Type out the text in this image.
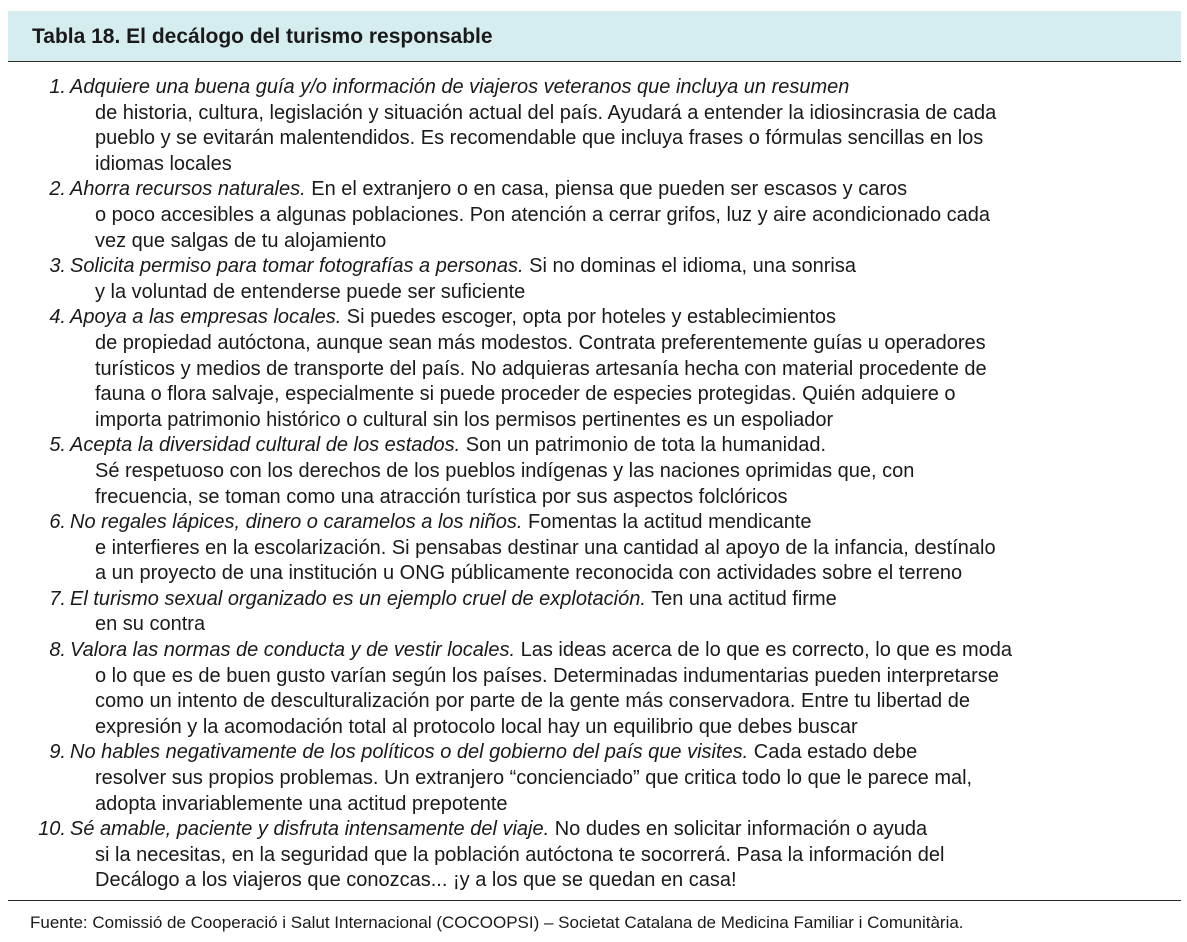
Tabla 18. El decálogo del turismo responsable
1. Adquiere una buena guía y/o información de viajeros veteranos que incluya un resumen
de historia, cultura, legislación y situación actual del país. Ayudará a entender la idiosincrasia de cada
pueblo y se evitarán malentendidos. Es recomendable que incluya frases o fórmulas sencillas en los
idiomas locales
2. Ahorra recursos naturales. En el extranjero o en casa, piensa que pueden ser escasos y caros
o poco accesibles a algunas poblaciones. Pon atención a cerrar grifos, luz y aire acondicionado cada
vez que salgas de tu alojamiento
3. Solicita permiso para tomar fotografías a personas. Si no dominas el idioma, una sonrisa
y la voluntad de entenderse puede ser suficiente
4. Apoya a las empresas locales. Si puedes escoger, opta por hoteles y establecimientos
de propiedad autóctona, aunque sean más modestos. Contrata preferentemente guías u operadores
turísticos y medios de transporte del país. No adquieras artesanía hecha con material procedente de
fauna o flora salvaje, especialmente si puede proceder de especies protegidas. Quién adquiere o
importa patrimonio histórico o cultural sin los permisos pertinentes es un espoliador
5. Acepta la diversidad cultural de los estados. Son un patrimonio de tota la humanidad.
Sé respetuoso con los derechos de los pueblos indígenas y las naciones oprimidas que, con
frecuencia, se toman como una atracción turística por sus aspectos folclóricos
6. No regales lápices, dinero o caramelos a los niños. Fomentas la actitud mendicante
e interfieres en la escolarización. Si pensabas destinar una cantidad al apoyo de la infancia, destínalo
a un proyecto de una institución u ONG públicamente reconocida con actividades sobre el terreno
7. El turismo sexual organizado es un ejemplo cruel de explotación. Ten una actitud firme
en su contra
8. Valora las normas de conducta y de vestir locales. Las ideas acerca de lo que es correcto, lo que es moda
o lo que es de buen gusto varían según los países. Determinadas indumentarias pueden interpretarse
como un intento de desculturalización por parte de la gente más conservadora. Entre tu libertad de
expresión y la acomodación total al protocolo local hay un equilibrio que debes buscar
9. No hables negativamente de los políticos o del gobierno del país que visites. Cada estado debe
resolver sus propios problemas. Un extranjero “concienciado” que critica todo lo que le parece mal,
adopta invariablemente una actitud prepotente
10. Sé amable, paciente y disfruta intensamente del viaje. No dudes en solicitar información o ayuda
si la necesitas, en la seguridad que la población autóctona te socorrerá. Pasa la información del
Decálogo a los viajeros que conozcas... ¡y a los que se quedan en casa!
Fuente: Comissió de Cooperació i Salut Internacional (COCOOPSI) – Societat Catalana de Medicina Familiar i Comunitària.
